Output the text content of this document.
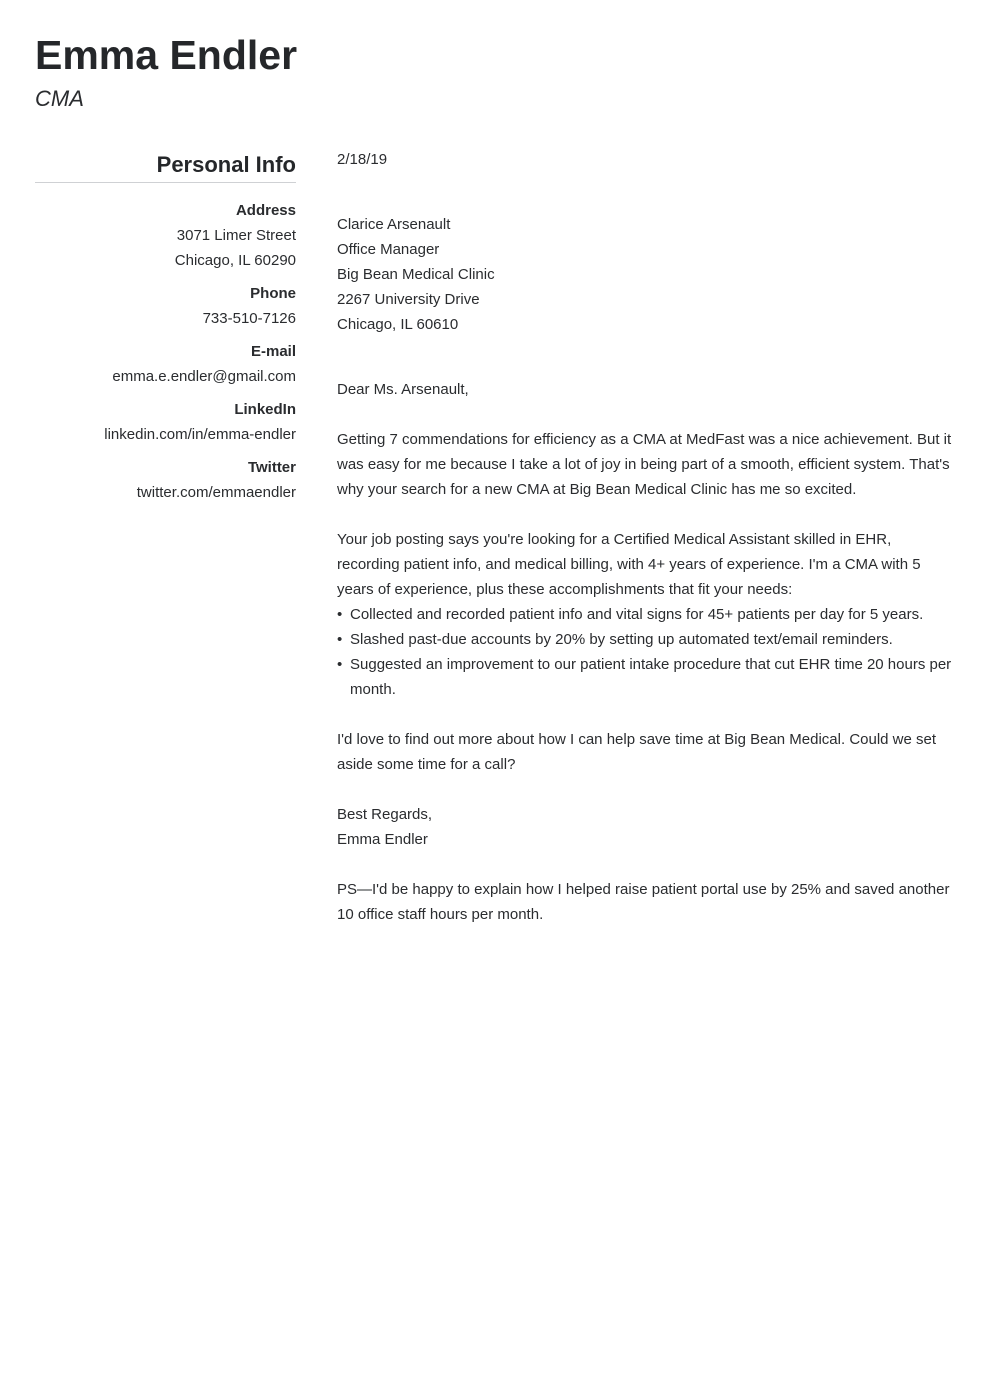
Emma Endler
CMA
Personal Info
Address
3071 Limer Street
Chicago, IL 60290
Phone
733-510-7126
E-mail
emma.e.endler@gmail.com
LinkedIn
linkedin.com/in/emma-endler
Twitter
twitter.com/emmaendler

2/18/19

Clarice Arsenault

Office Manager

Big Bean Medical Clinic

2267 University Drive

Chicago, IL 60610

Dear Ms. Arsenault,

Getting 7 commendations for efficiency as a CMA at MedFast was a nice achievement. But it was easy for me because I take a lot of joy in being part of a smooth, efficient system. That's why your search for a new CMA at Big Bean Medical Clinic has me so excited.

Your job posting says you're looking for a Certified Medical Assistant skilled in EHR, recording patient info, and medical billing, with 4+ years of experience. I'm a CMA with 5 years of experience, plus these accomplishments that fit your needs:

• Collected and recorded patient info and vital signs for 45+ patients per day for 5 years.
• Slashed past-due accounts by 20% by setting up automated text/email reminders.
• Suggested an improvement to our patient intake procedure that cut EHR time 20 hours per month.

I'd love to find out more about how I can help save time at Big Bean Medical. Could we set aside some time for a call?

Best Regards,

Emma Endler

PS—I'd be happy to explain how I helped raise patient portal use by 25% and saved another 10 office staff hours per month.
